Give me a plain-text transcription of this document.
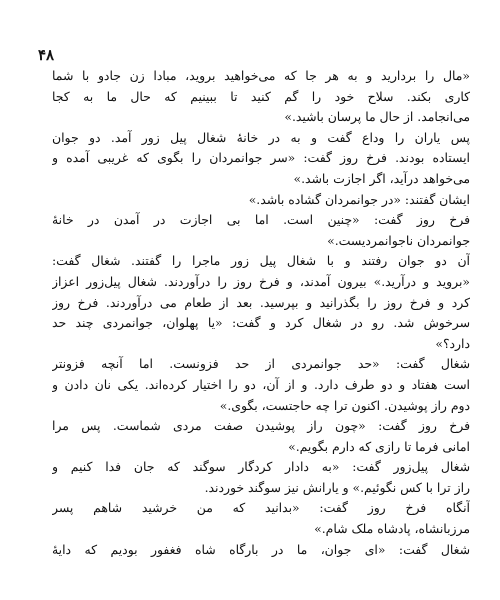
۴۸
«مال را بردارید و به هر جا که می‌خواهید بروید، مبادا زن جادو با شما
کاری بکند. سلاح خود را گم کنید تا ببینیم که حال ما به کجا
می‌انجامد. از حال ما پرسان باشید.»
پس یاران را وداع گفت و به در خانهٔ شغال پیل زور آمد. دو جوان
ایستاده بودند. فرخ روز گفت: «سر جوانمردان را بگوی که غریبی آمده و
می‌خواهد درآید، اگر اجازت باشد.»
ایشان گفتند: «در جوانمردان گشاده باشد.»
فرخ روز گفت: «چنین است. اما بی اجازت در آمدن در خانهٔ
جوانمردان ناجوانمردیست.»
آن دو جوان رفتند و با شغال پیل زور ماجرا را گفتند. شغال گفت:
«بروید و درآرید.» بیرون آمدند، و فرخ روز را درآوردند. شغال پیل‌زور اعزاز
کرد و فرخ روز را بگذرانید و بپرسید. بعد از طعام می درآوردند. فرخ روز
سرخوش شد. رو در شغال کرد و گفت: «یا پهلوان، جوانمردی چند حد
دارد؟»
شغال گفت: «حد جوانمردی از حد فزونست. اما آنچه فزونتر
است هفتاد و دو طرف دارد. و از آن، دو را اختیار کرده‌اند. یکی نان دادن و
دوم راز پوشیدن. اکنون ترا چه حاجتست، بگوی.»
فرخ روز گفت: «چون راز پوشیدن صفت مردی شماست. پس مرا
امانی فرما تا رازی که دارم بگویم.»
شغال پیل‌زور گفت: «به دادار کردگار سوگند که جان فدا کنیم و
راز ترا با کس نگوئیم.» و یارانش نیز سوگند خوردند.
آنگاه فرخ روز گفت: «بدانید که من خرشید شاهم پسر
مرزبانشاه، پادشاه ملک شام.»
شغال گفت: «ای جوان، ما در بارگاه شاه فغفور بودیم که دایهٔ
